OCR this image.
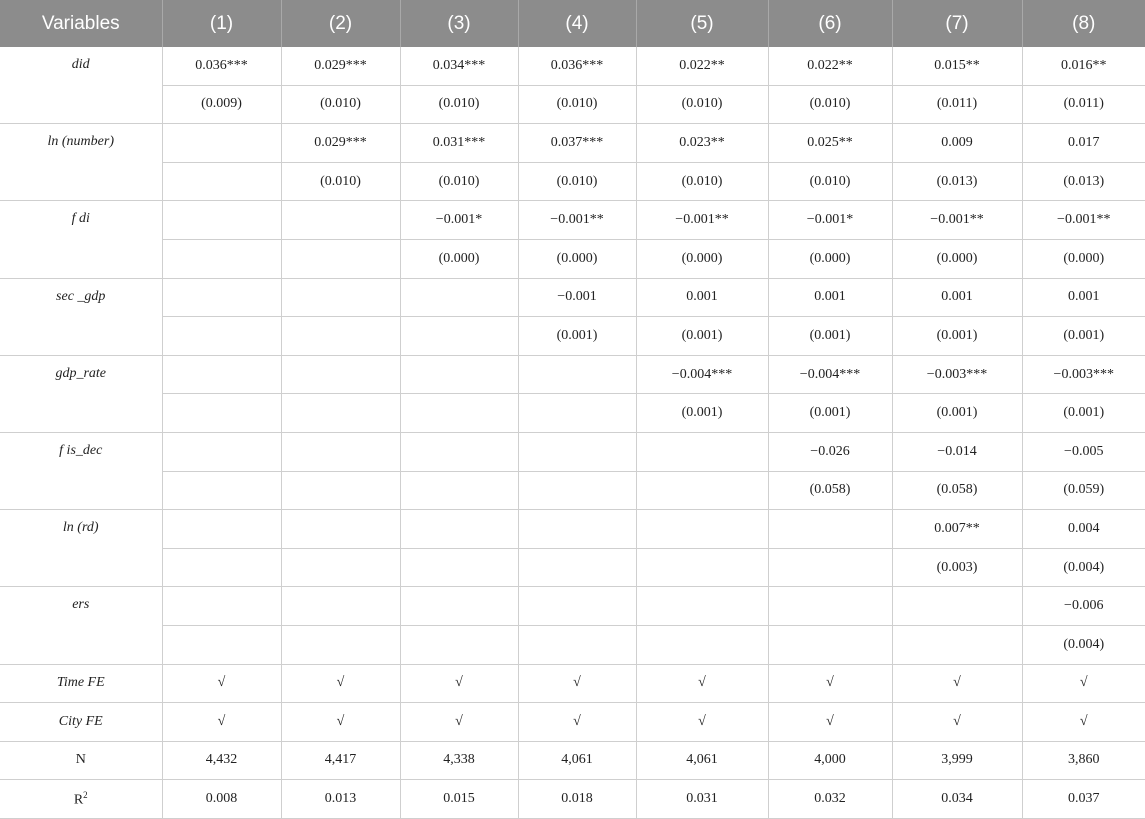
Variables	(1)	(2)	(3)	(4)	(5)	(6)	(7)	(8)
did	0.036***	0.029***	0.034***	0.036***	0.022**	0.022**	0.015**	0.016**
	(0.009)	(0.010)	(0.010)	(0.010)	(0.010)	(0.010)	(0.011)	(0.011)
ln (number)		0.029***	0.031***	0.037***	0.023**	0.025**	0.009	0.017
		(0.010)	(0.010)	(0.010)	(0.010)	(0.010)	(0.013)	(0.013)
f di			−0.001*	−0.001**	−0.001**	−0.001*	−0.001**	−0.001**
			(0.000)	(0.000)	(0.000)	(0.000)	(0.000)	(0.000)
sec _gdp				−0.001	0.001	0.001	0.001	0.001
				(0.001)	(0.001)	(0.001)	(0.001)	(0.001)
gdp_rate					−0.004***	−0.004***	−0.003***	−0.003***
					(0.001)	(0.001)	(0.001)	(0.001)
f is_dec						−0.026	−0.014	−0.005
						(0.058)	(0.058)	(0.059)
ln (rd)							0.007**	0.004
							(0.003)	(0.004)
ers								−0.006
								(0.004)
Time FE	√	√	√	√	√	√	√	√
City FE	√	√	√	√	√	√	√	√
N	4,432	4,417	4,338	4,061	4,061	4,000	3,999	3,860
$R^2$	0.008	0.013	0.015	0.018	0.031	0.032	0.034	0.037
